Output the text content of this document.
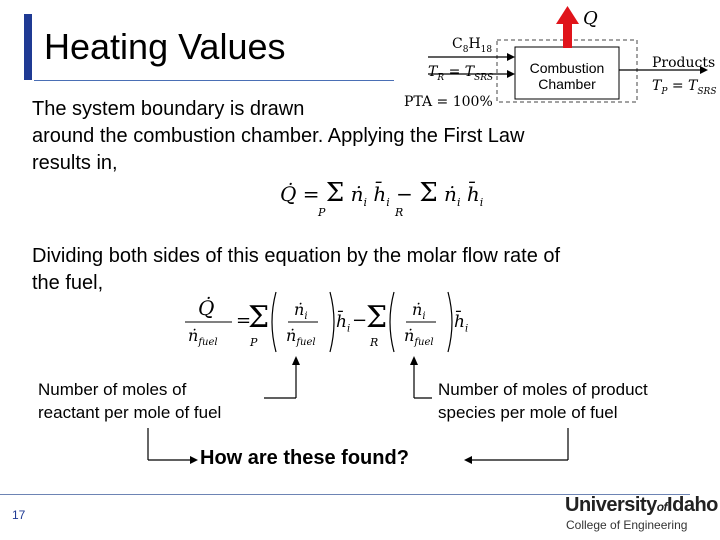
Heating Values
The system boundary is drawn
around the combustion chamber. Applying the First Law
results in,
Dividing both sides of this equation by the molar flow rate of
the fuel,
$C_8H_{18}$
$T_R = T_{SRS}$
PTA = 100%
Combustion
Chamber
Products
$T_P = T_{SRS}$
Q
Q̇ = Σ $ṅ_i$ $h̄_i - \Sigma$ $ṅ_i$ $h̄_i$
P	R
Q̇
$ṅ_{fuel}$
=
Σ
P
$ṅ_i$
$ṅ_{fuel}$
$h̄_i$ −
Σ
R
$ṅ_i$
$ṅ_{fuel}$
$h̄_i$
Number of moles of
reactant per mole of fuel
Number of moles of product
species per mole of fuel
How are these found?
17	UniversityofIdaho
College of Engineering
